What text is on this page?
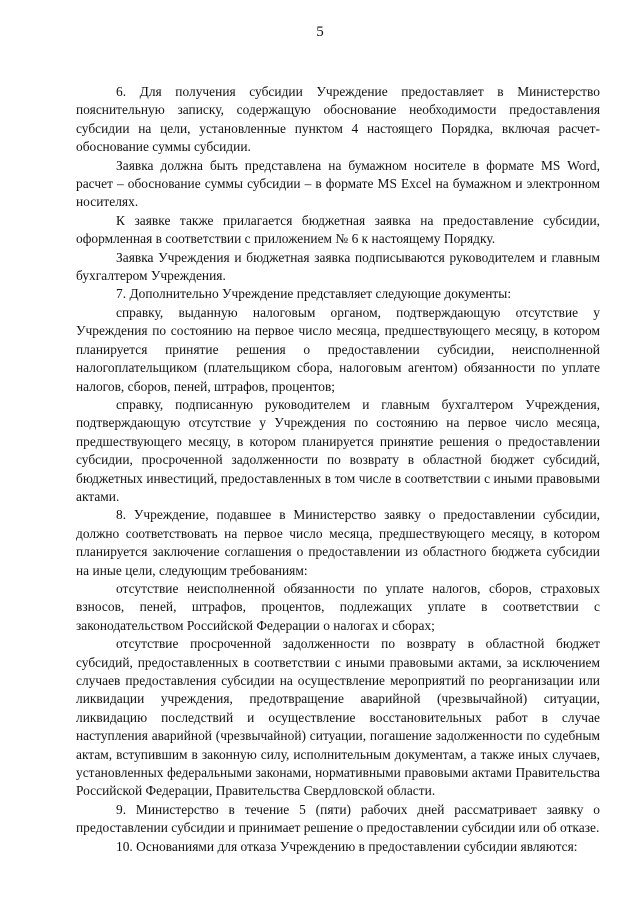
5

6. Для получения субсидии Учреждение предоставляет в Министерство пояснительную записку, содержащую обоснование необходимости предоставления субсидии на цели, установленные пунктом 4 настоящего Порядка, включая расчет-обоснование суммы субсидии.

Заявка должна быть представлена на бумажном носителе в формате MS Word, расчет – обоснование суммы субсидии – в формате MS Excel на бумажном и электронном носителях.

К заявке также прилагается бюджетная заявка на предоставление субсидии, оформленная в соответствии с приложением № 6 к настоящему Порядку.

Заявка Учреждения и бюджетная заявка подписываются руководителем и главным бухгалтером Учреждения.

7. Дополнительно Учреждение представляет следующие документы:

справку, выданную налоговым органом, подтверждающую отсутствие у Учреждения по состоянию на первое число месяца, предшествующего месяцу, в котором планируется принятие решения о предоставлении субсидии, неисполненной налогоплательщиком (плательщиком сбора, налоговым агентом) обязанности по уплате налогов, сборов, пеней, штрафов, процентов;

справку, подписанную руководителем и главным бухгалтером Учреждения, подтверждающую отсутствие у Учреждения по состоянию на первое число месяца, предшествующего месяцу, в котором планируется принятие решения о предоставлении субсидии, просроченной задолженности по возврату в областной бюджет субсидий, бюджетных инвестиций, предоставленных в том числе в соответствии с иными правовыми актами.

8. Учреждение, подавшее в Министерство заявку о предоставлении субсидии, должно соответствовать на первое число месяца, предшествующего месяцу, в котором планируется заключение соглашения о предоставлении из областного бюджета субсидии на иные цели, следующим требованиям:

отсутствие неисполненной обязанности по уплате налогов, сборов, страховых взносов, пеней, штрафов, процентов, подлежащих уплате в соответствии с законодательством Российской Федерации о налогах и сборах;

отсутствие просроченной задолженности по возврату в областной бюджет субсидий, предоставленных в соответствии с иными правовыми актами, за исключением случаев предоставления субсидии на осуществление мероприятий по реорганизации или ликвидации учреждения, предотвращение аварийной (чрезвычайной) ситуации, ликвидацию последствий и осуществление восстановительных работ в случае наступления аварийной (чрезвычайной) ситуации, погашение задолженности по судебным актам, вступившим в законную силу, исполнительным документам, а также иных случаев, установленных федеральными законами, нормативными правовыми актами Правительства Российской Федерации, Правительства Свердловской области.

9. Министерство в течение 5 (пяти) рабочих дней рассматривает заявку о предоставлении субсидии и принимает решение о предоставлении субсидии или об отказе.

10. Основаниями для отказа Учреждению в предоставлении субсидии являются:
